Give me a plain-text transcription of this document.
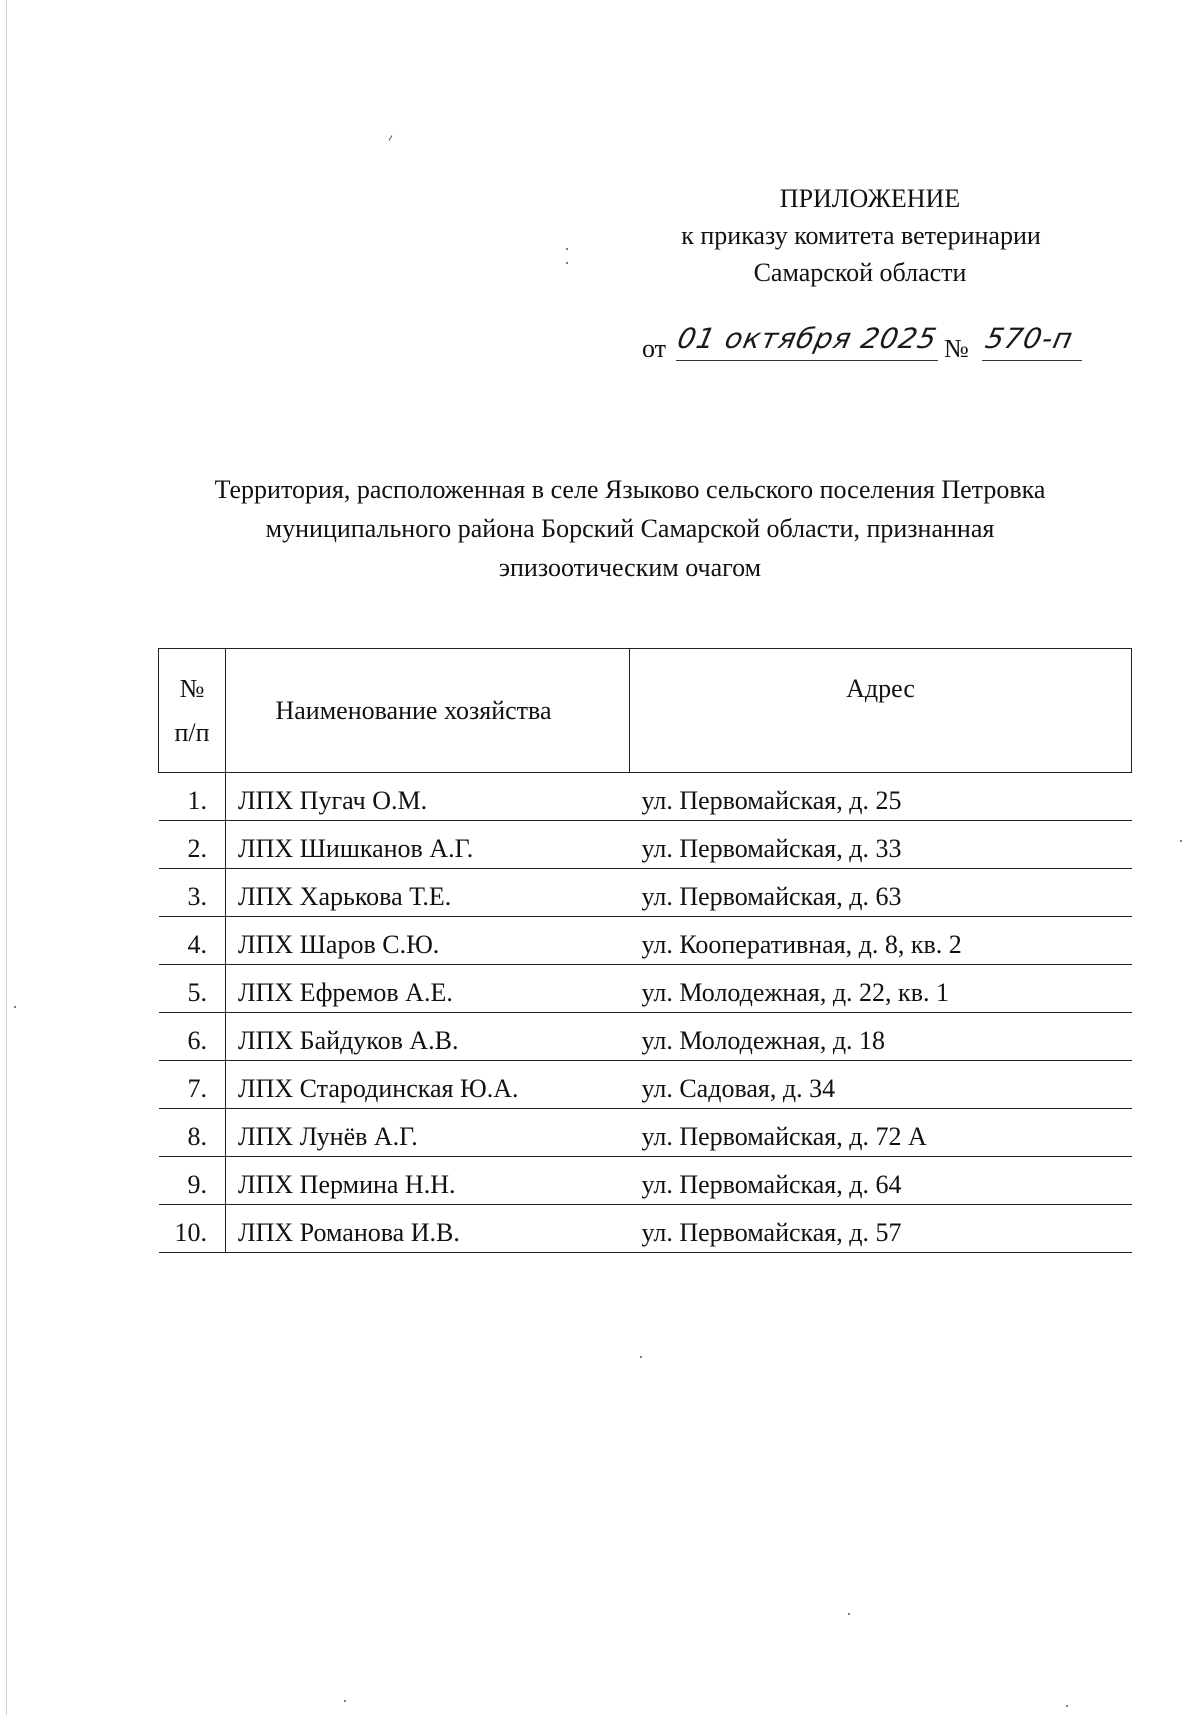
ПРИЛОЖЕНИЕ
к приказу комитета ветеринарии
Самарской области
от 01 октября 2025 № 570-п
Территория, расположенная в селе Языково сельского поселения Петровка
муниципального района Борский Самарской области, признанная
эпизоотическим очагом
№
п/п	Наименование хозяйства	Адрес
1.	ЛПХ Пугач О.М.	ул. Первомайская, д. 25
2.	ЛПХ Шишканов А.Г.	ул. Первомайская, д. 33
3.	ЛПХ Харькова Т.Е.	ул. Первомайская, д. 63
4.	ЛПХ Шаров С.Ю.	ул. Кооперативная, д. 8, кв. 2
5.	ЛПХ Ефремов А.Е.	ул. Молодежная, д. 22, кв. 1
6.	ЛПХ Байдуков А.В.	ул. Молодежная, д. 18
7.	ЛПХ Стародинская Ю.А.	ул. Садовая, д. 34
8.	ЛПХ Лунёв А.Г.	ул. Первомайская, д. 72 А
9.	ЛПХ Пермина Н.Н.	ул. Первомайская, д. 64
10.	ЛПХ Романова И.В.	ул. Первомайская, д. 57
